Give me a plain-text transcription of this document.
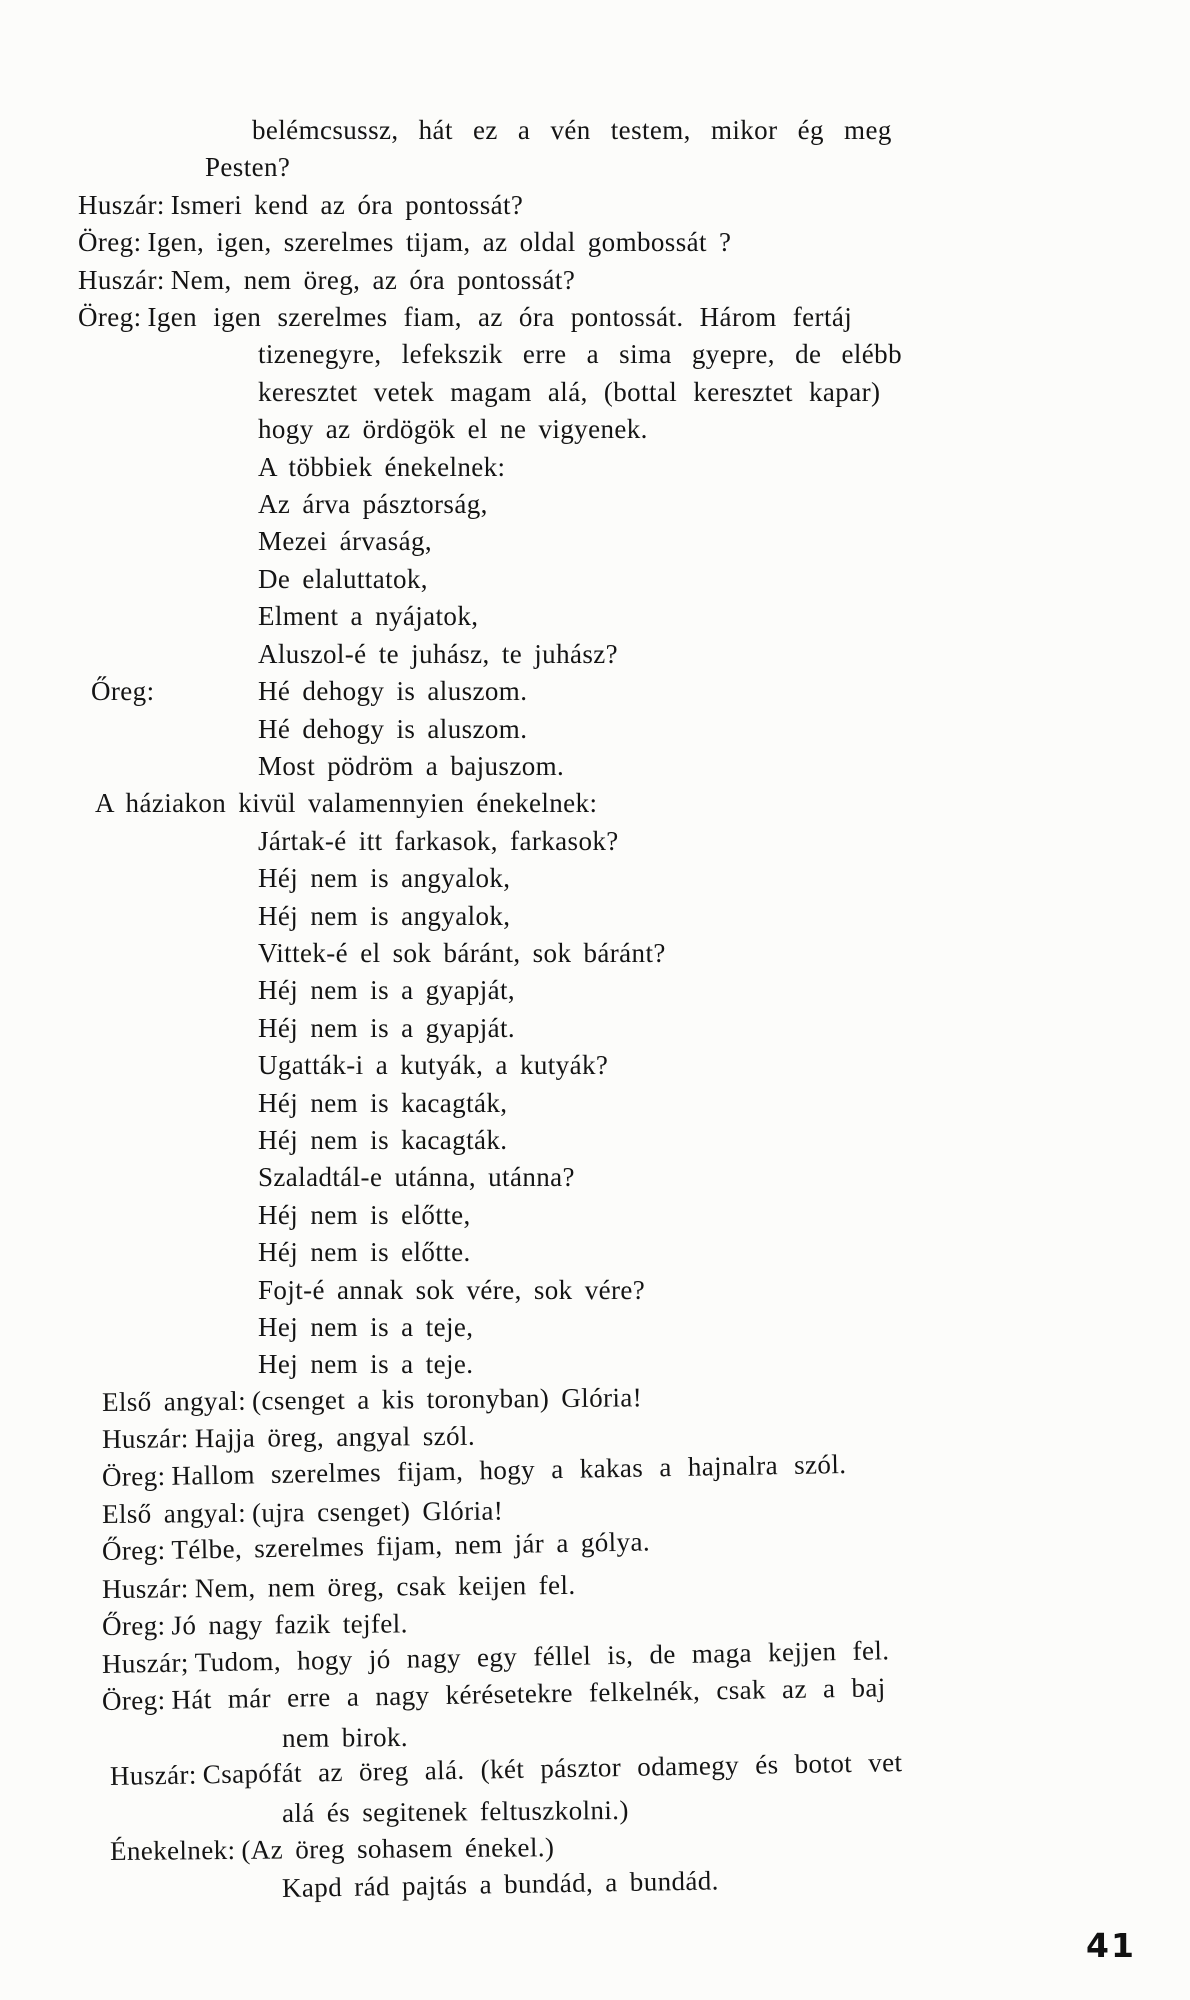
belémcsussz, hát ez a vén testem, mikor ég meg
Pesten?
Huszár: Ismeri kend az óra pontossát?
Öreg: Igen, igen, szerelmes tijam, az oldal gombossát ?
Huszár: Nem, nem öreg, az óra pontossát?
Öreg: Igen igen szerelmes fiam, az óra pontossát. Három fertáj
tizenegyre, lefekszik erre a sima gyepre, de elébb
keresztet vetek magam alá, (bottal keresztet kapar)
hogy az ördögök el ne vigyenek.
A többiek énekelnek:
Az árva pásztorság,
Mezei árvaság,
De elaluttatok,
Elment a nyájatok,
Aluszol-é te juhász, te juhász?
Őreg:	Hé dehogy is aluszom.
Hé dehogy is aluszom.
Most pödröm a bajuszom.
A háziakon kivül valamennyien énekelnek:
Jártak-é itt farkasok, farkasok?
Héj nem is angyalok,
Héj nem is angyalok,
Vittek-é el sok báránt, sok báránt?
Héj nem is a gyapját,
Héj nem is a gyapját.
Ugatták-i a kutyák, a kutyák?
Héj nem is kacagták,
Héj nem is kacagták.
Szaladtál-e utánna, utánna?
Héj nem is előtte,
Héj nem is előtte.
Fojt-é annak sok vére, sok vére?
Hej nem is a teje,
Hej nem is a teje.
Első angyal: (csenget a kis toronyban) Glória!
Huszár: Hajja öreg, angyal szól.
Öreg: Hallom szerelmes fijam, hogy a kakas a hajnalra szól.
Első angyal: (ujra csenget) Glória!
Őreg: Télbe, szerelmes fijam, nem jár a gólya.
Huszár: Nem, nem öreg, csak keijen fel.
Őreg: Jó nagy fazik tejfel.
Huszár; Tudom, hogy jó nagy egy féllel is, de maga kejjen fel.
Öreg: Hát már erre a nagy kérésetekre felkelnék, csak az a baj
nem birok.
Huszár: Csapófát az öreg alá. (két pásztor odamegy és botot vet
alá és segitenek feltuszkolni.)
Énekelnek: (Az öreg sohasem énekel.)
Kapd rád pajtás a bundád, a bundád.
41
